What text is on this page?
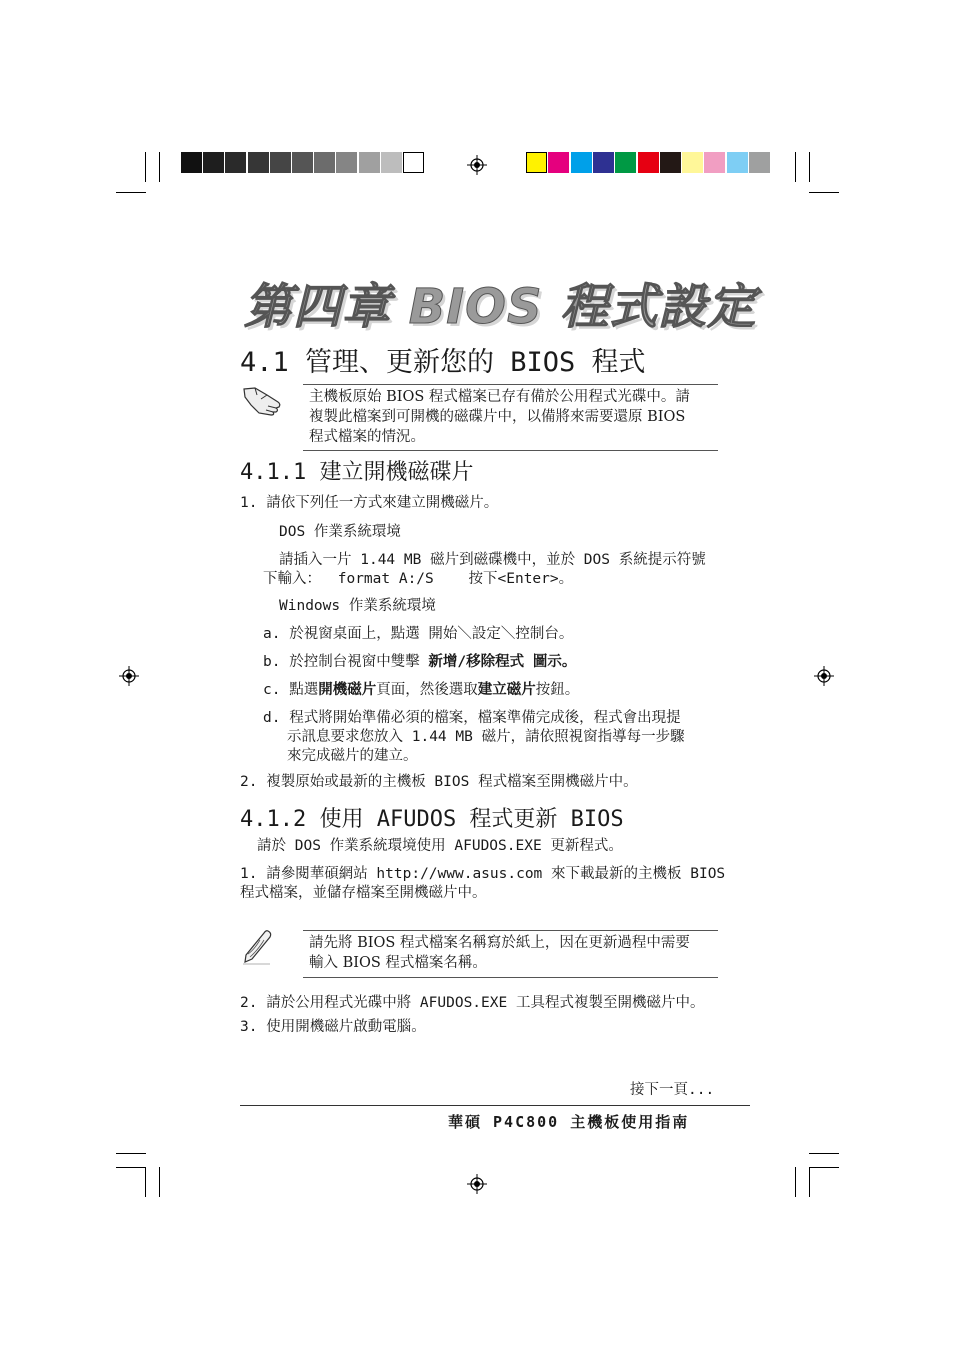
第四章 BIOS 程式設定
4.1 管理、更新您的 BIOS 程式
主機板原始 BIOS 程式檔案已存有備於公用程式光碟中。請
複製此檔案到可開機的磁碟片中，以備將來需要還原 BIOS
程式檔案的情況。
4.1.1 建立開機磁碟片
1. 請依下列任一方式來建立開機磁片。
DOS 作業系統環境
請插入一片 1.44 MB 磁片到磁碟機中，並於 DOS 系統提示符號
下輸入： format A:/S 按下<Enter>。
Windows 作業系統環境
a. 於視窗桌面上，點選 開始＼設定＼控制台。
b. 於控制台視窗中雙擊 新增/移除程式 圖示。
c. 點選開機磁片頁面，然後選取建立磁片按鈕。
d. 程式將開始準備必須的檔案，檔案準備完成後，程式會出現提
示訊息要求您放入 1.44 MB 磁片，請依照視窗指導每一步驟
來完成磁片的建立。
2. 複製原始或最新的主機板 BIOS 程式檔案至開機磁片中。
4.1.2 使用 AFUDOS 程式更新 BIOS
請於 DOS 作業系統環境使用 AFUDOS.EXE 更新程式。
1. 請參閱華碩網站 http://www.asus.com 來下載最新的主機板 BIOS
程式檔案，並儲存檔案至開機磁片中。
請先將 BIOS 程式檔案名稱寫於紙上，因在更新過程中需要
輸入 BIOS 程式檔案名稱。
2. 請於公用程式光碟中將 AFUDOS.EXE 工具程式複製至開機磁片中。
3. 使用開機磁片啟動電腦。
接下一頁...
華碩 P4C800 主機板使用指南
